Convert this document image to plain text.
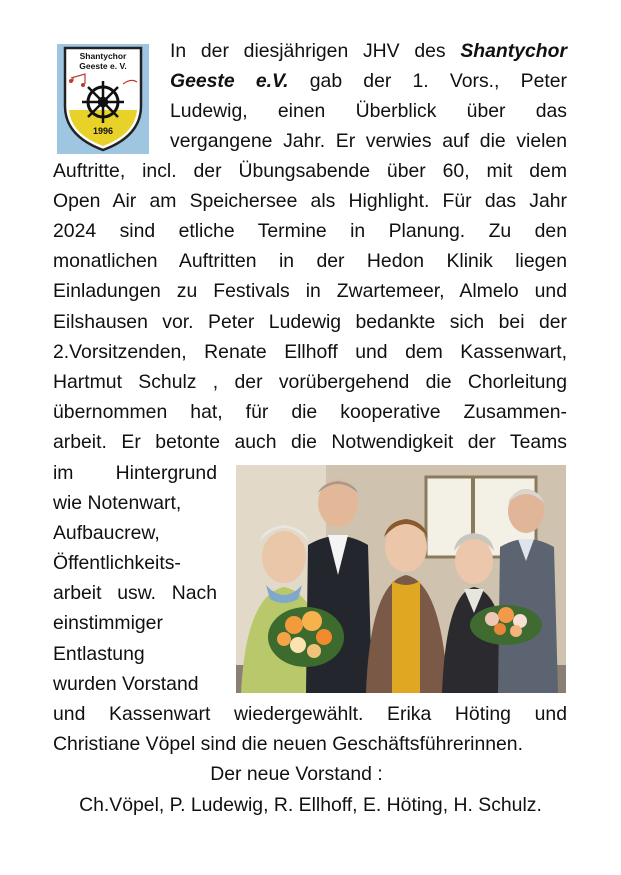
Shantychor
Geeste e. V.
1996
In der diesjährigen JHV des Shantychor
Geeste e.V. gab der 1. Vors., Peter
Ludewig, einen Überblick über das
vergangene Jahr. Er verwies auf die vielen
Auftritte, incl. der Übungsabende über 60, mit dem
Open Air am Speichersee als Highlight. Für das Jahr
2024 sind etliche Termine in Planung. Zu den
monatlichen Auftritten in der Hedon Klinik liegen
Einladungen zu Festivals in Zwartemeer, Almelo und
Eilshausen vor. Peter Ludewig bedankte sich bei der
2.Vorsitzenden, Renate Ellhoff und dem Kassenwart,
Hartmut Schulz , der vorübergehend die Chorleitung
übernommen hat, für die kooperative Zusammen-
arbeit. Er betonte auch die Notwendigkeit der Teams
im Hintergrund
wie Notenwart,
Aufbaucrew,
Öffentlichkeits-
arbeit usw. Nach
einstimmiger
Entlastung
wurden Vorstand
und Kassenwart wiedergewählt. Erika Höting und
Christiane Vöpel sind die neuen Geschäftsführerinnen.
Der neue Vorstand :
Ch.Vöpel, P. Ludewig, R. Ellhoff, E. Höting, H. Schulz.
